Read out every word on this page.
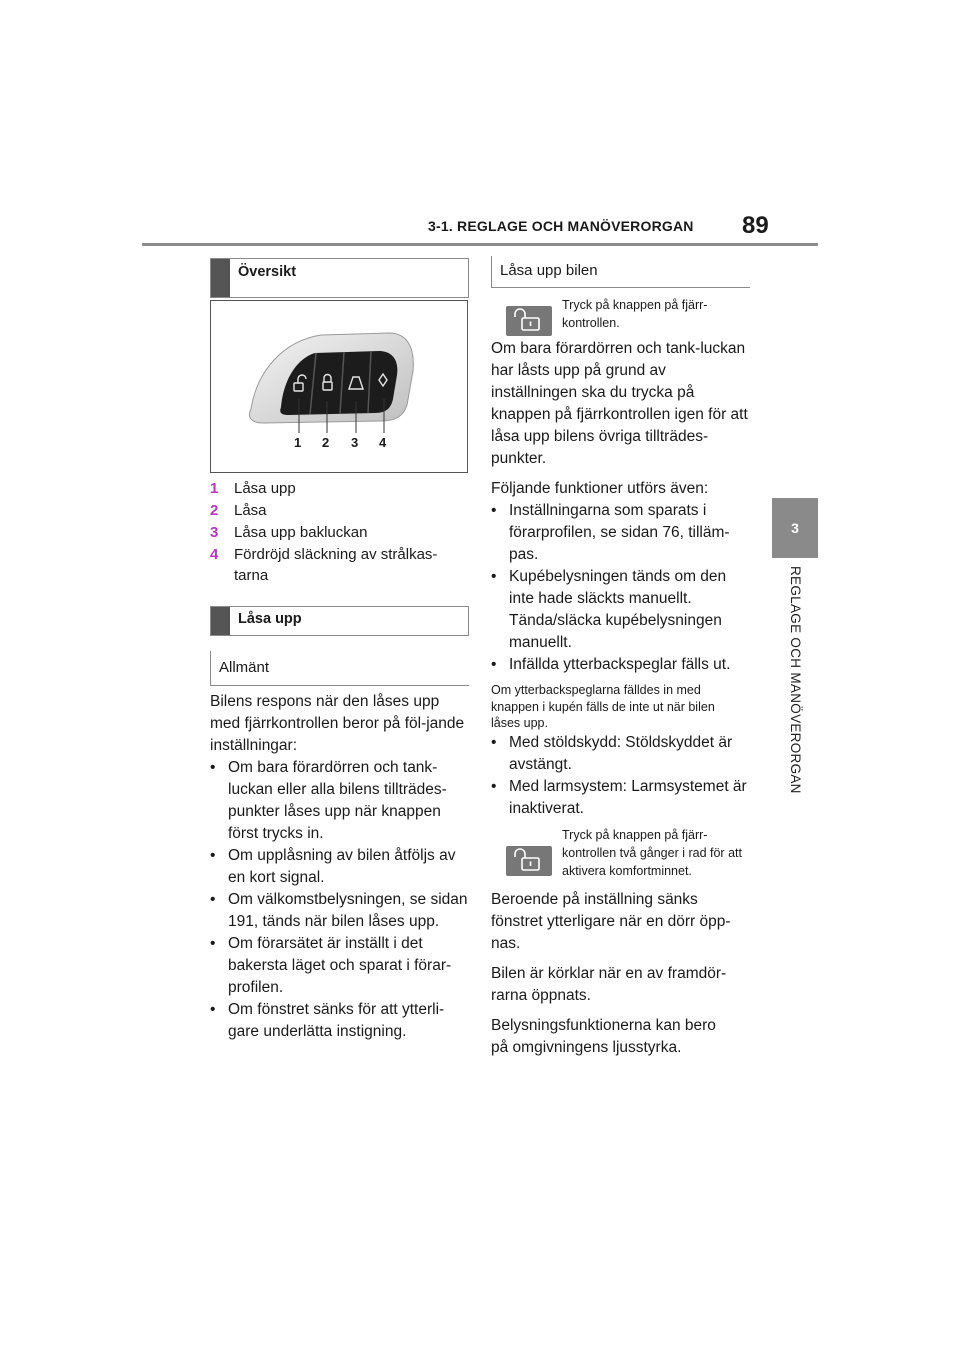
3-1. REGLAGE OCH MANÖVERORGAN 89
3
REGLAGE OCH MANÖVERORGAN
Översikt
1 2 3 4
1	Låsa upp
2	Låsa
3	Låsa upp bakluckan
4	Fördröjd släckning av strålkas-tarna
Låsa upp
Allmänt

Bilens respons när den låses upp med fjärrkontrollen beror på föl-jande inställningar:

• Om bara förardörren och tank-luckan eller alla bilens tillträdes-punkter låses upp när knappen först trycks in.
• Om upplåsning av bilen åtföljs av en kort signal.
• Om välkomstbelysningen, se sidan 191, tänds när bilen låses upp.
• Om förarsätet är inställt i det bakersta läget och sparat i förar-profilen.
• Om fönstret sänks för att ytterli-gare underlätta instigning.
Låsa upp bilen
Tryck på knappen på fjärr-kontrollen.

Om bara förardörren och tank-luckan har låsts upp på grund av inställningen ska du trycka på knappen på fjärrkontrollen igen för att låsa upp bilens övriga tillträdes-punkter.

Följande funktioner utförs även:

• Inställningarna som sparats i förarprofilen, se sidan 76, tilläm-pas.
• Kupébelysningen tänds om den inte hade släckts manuellt. Tända/släcka kupébelysningen manuellt.
• Infällda ytterbackspeglar fälls ut.

Om ytterbackspeglarna fälldes in med knappen i kupén fälls de inte ut när bilen låses upp.

• Med stöldskydd: Stöldskyddet är avstängt.
• Med larmsystem: Larmsystemet är inaktiverat.
Tryck på knappen på fjärr-kontrollen två gånger i rad för att aktivera komfortminnet.

Beroende på inställning sänks fönstret ytterligare när en dörr öpp-nas.

Bilen är körklar när en av framdör-rarna öppnats.

Belysningsfunktionerna kan bero på omgivningens ljusstyrka.
